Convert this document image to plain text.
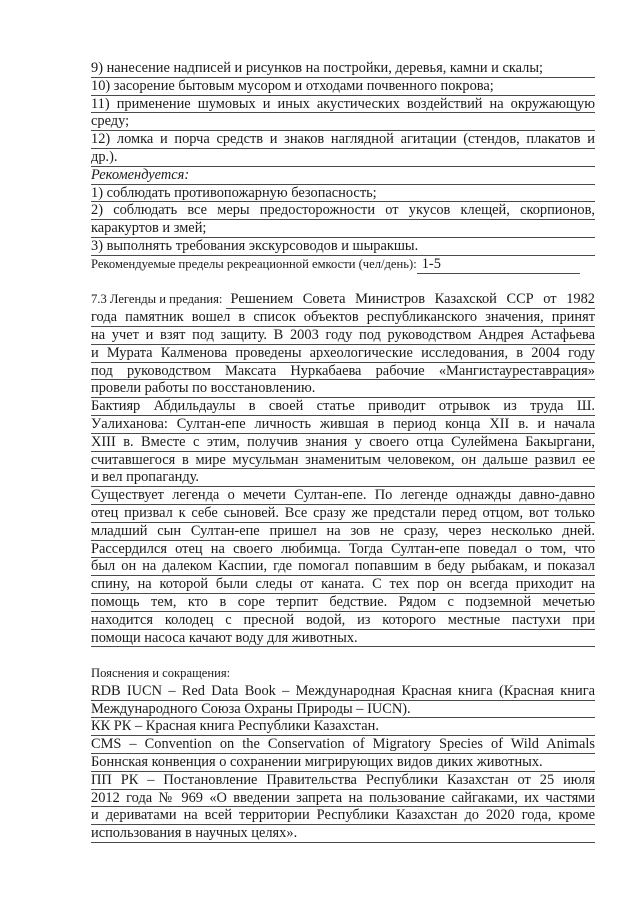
9) нанесение надписей и рисунков на постройки, деревья, камни и скалы;
10) засорение бытовым мусором и отходами почвенного покрова;
11) применение шумовых и иных акустических воздействий на окружающую
среду;
12) ломка и порча средств и знаков наглядной агитации (стендов, плакатов и
др.).
Рекомендуется:
1) соблюдать противопожарную безопасность;
2) соблюдать все меры предосторожности от укусов клещей, скорпионов,
каракуртов и змей;
3) выполнять требования экскурсоводов и шыракшы.
Рекомендуемые пределы рекреационной емкости (чел/день): 1-5
7.3 Легенды и предания: Решением Совета Министров Казахской ССР от 1982
года памятник вошел в список объектов республиканского значения, принят
на учет и взят под защиту. В 2003 году под руководством Андрея Астафьева
и Мурата Калменова проведены археологические исследования, в 2004 году
под руководством Максата Нуркабаева рабочие «Мангистауреставрация»
провели работы по восстановлению.
Бактияр Абдильдаулы в своей статье приводит отрывок из труда Ш.
Уалиханова: Султан-епе личность жившая в период конца XII в. и начала
XIII в. Вместе с этим, получив знания у своего отца Сулеймена Бакыргани,
считавшегося в мире мусульман знаменитым человеком, он дальше развил ее
и вел пропаганду.
Существует легенда о мечети Султан-епе. По легенде однажды давно-давно
отец призвал к себе сыновей. Все сразу же предстали перед отцом, вот только
младший сын Султан-епе пришел на зов не сразу, через несколько дней.
Рассердился отец на своего любимца. Тогда Султан-епе поведал о том, что
был он на далеком Каспии, где помогал попавшим в беду рыбакам, и показал
спину, на которой были следы от каната. С тех пор он всегда приходит на
помощь тем, кто в соре терпит бедствие. Рядом с подземной мечетью
находится колодец с пресной водой, из которого местные пастухи при
помощи насоса качают воду для животных.
Пояснения и сокращения:
RDB IUCN – Red Data Book – Международная Красная книга (Красная книга
Международного Союза Охраны Природы – IUCN).
КК РК – Красная книга Республики Казахстан.
CMS – Convention on the Conservation of Migratory Species of Wild Animals
Боннская конвенция о сохранении мигрирующих видов диких животных.
ПП РК – Постановление Правительства Республики Казахстан от 25 июля
2012 года № 969 «О введении запрета на пользование сайгаками, их частями
и дериватами на всей территории Республики Казахстан до 2020 года, кроме
использования в научных целях».
